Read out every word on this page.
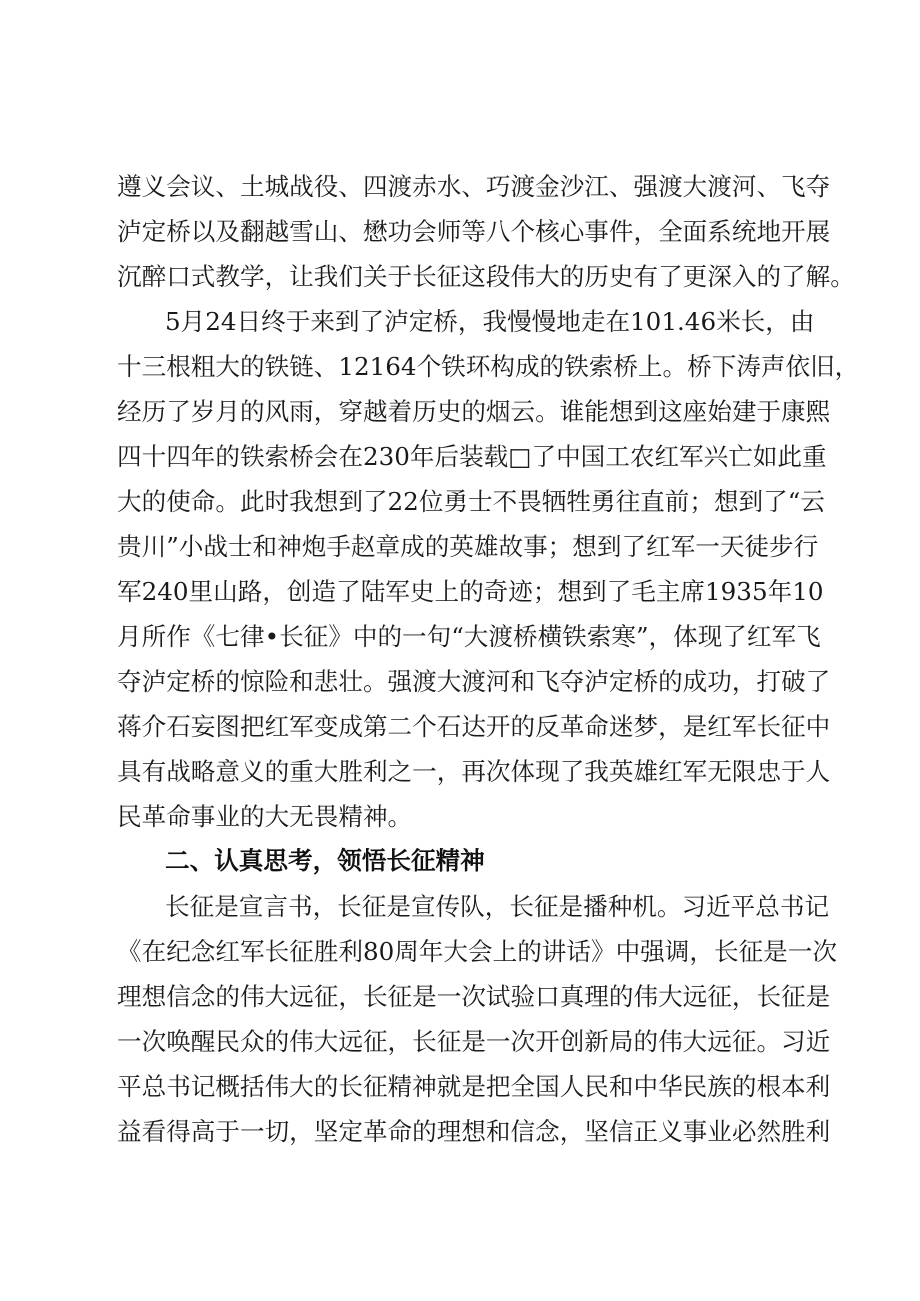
遵义会议、土城战役、四渡赤水、巧渡金沙江、强渡大渡河、飞夺
泸定桥以及翻越雪山、懋功会师等八个核心事件，全面系统地开展
沉醉口式教学，让我们关于长征这段伟大的历史有了更深入的了解。
5月24日终于来到了泸定桥，我慢慢地走在101.46米长，由
十三根粗大的铁链、12164个铁环构成的铁索桥上。桥下涛声依旧，
经历了岁月的风雨，穿越着历史的烟云。谁能想到这座始建于康熙
四十四年的铁索桥会在230年后装载□了中国工农红军兴亡如此重
大的使命。此时我想到了22位勇士不畏牺牲勇往直前；想到了“云
贵川”小战士和神炮手赵章成的英雄故事；想到了红军一天徒步行
军240里山路，创造了陆军史上的奇迹；想到了毛主席1935年10
月所作《七律•长征》中的一句“大渡桥横铁索寒”，体现了红军飞
夺泸定桥的惊险和悲壮。强渡大渡河和飞夺泸定桥的成功，打破了
蒋介石妄图把红军变成第二个石达开的反革命迷梦，是红军长征中
具有战略意义的重大胜利之一，再次体现了我英雄红军无限忠于人
民革命事业的大无畏精神。
二、认真思考，领悟长征精神
长征是宣言书，长征是宣传队，长征是播种机。习近平总书记
《在纪念红军长征胜利80周年大会上的讲话》中强调，长征是一次
理想信念的伟大远征，长征是一次试验口真理的伟大远征，长征是
一次唤醒民众的伟大远征，长征是一次开创新局的伟大远征。习近
平总书记概括伟大的长征精神就是把全国人民和中华民族的根本利
益看得高于一切，坚定革命的理想和信念，坚信正义事业必然胜利
